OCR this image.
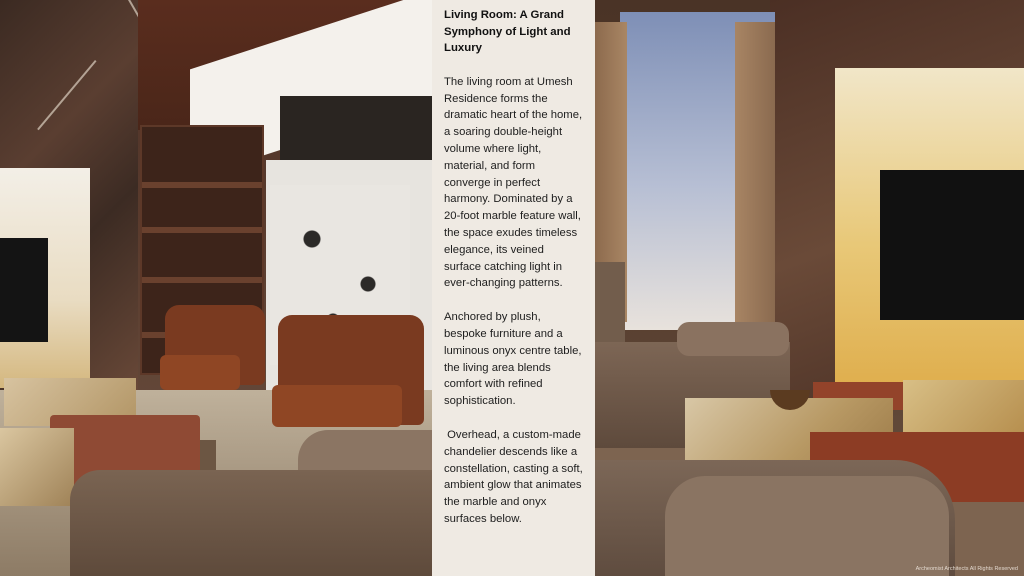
Living Room: A Grand Symphony of Light and Luxury

The living room at Umesh Residence forms the dramatic heart of the home, a soaring double-height volume where light, material, and form converge in perfect harmony. Dominated by a 20-foot marble feature wall, the space exudes timeless elegance, its veined surface catching light in ever-changing patterns.

Anchored by plush, bespoke furniture and a luminous onyx centre table, the living area blends comfort with refined sophistication.

Overhead, a custom-made chandelier descends like a constellation, casting a soft, ambient glow that animates the marble and onyx surfaces below.

Archeomist Architects All Rights Reserved
